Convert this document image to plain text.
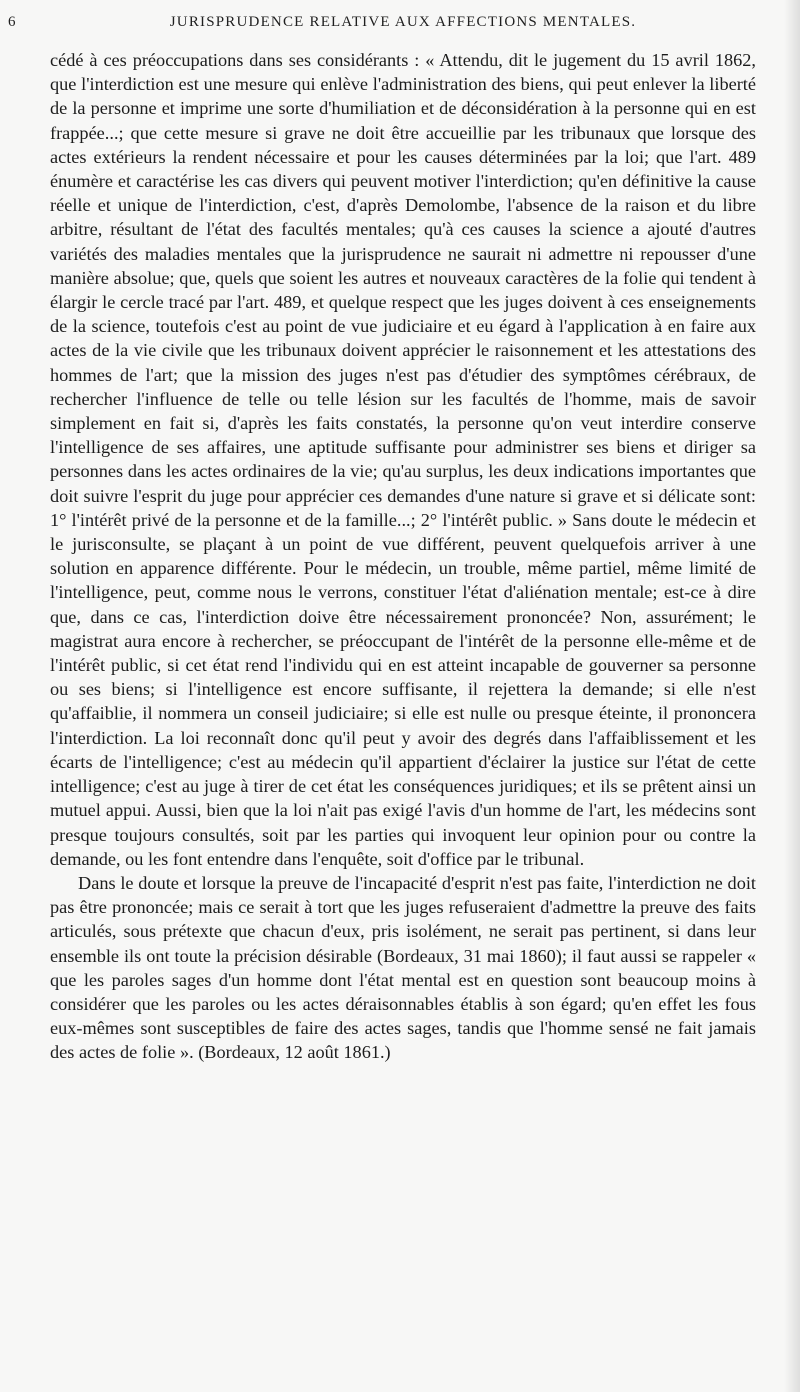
6	JURISPRUDENCE RELATIVE AUX AFFECTIONS MENTALES.

cédé à ces préoccupations dans ses considérants : « Attendu, dit le jugement du 15 avril 1862, que l'interdiction est une mesure qui enlève l'administration des biens, qui peut enlever la liberté de la personne et imprime une sorte d'humiliation et de déconsidération à la personne qui en est frappée...; que cette mesure si grave ne doit être accueillie par les tribunaux que lorsque des actes extérieurs la rendent nécessaire et pour les causes déterminées par la loi; que l'art. 489 énumère et caractérise les cas divers qui peuvent motiver l'interdiction; qu'en définitive la cause réelle et unique de l'interdiction, c'est, d'après Demolombe, l'absence de la raison et du libre arbitre, résultant de l'état des facultés mentales; qu'à ces causes la science a ajouté d'autres variétés des maladies mentales que la jurisprudence ne saurait ni admettre ni repousser d'une manière absolue; que, quels que soient les autres et nouveaux caractères de la folie qui tendent à élargir le cercle tracé par l'art. 489, et quelque respect que les juges doivent à ces enseignements de la science, toutefois c'est au point de vue judiciaire et eu égard à l'application à en faire aux actes de la vie civile que les tribunaux doivent apprécier le raisonnement et les attestations des hommes de l'art; que la mission des juges n'est pas d'étudier des symptômes cérébraux, de rechercher l'influence de telle ou telle lésion sur les facultés de l'homme, mais de savoir simplement en fait si, d'après les faits constatés, la personne qu'on veut interdire conserve l'intelligence de ses affaires, une aptitude suffisante pour administrer ses biens et diriger sa personnes dans les actes ordinaires de la vie; qu'au surplus, les deux indications importantes que doit suivre l'esprit du juge pour apprécier ces demandes d'une nature si grave et si délicate sont: 1° l'intérêt privé de la personne et de la famille...; 2° l'intérêt public. » Sans doute le médecin et le jurisconsulte, se plaçant à un point de vue différent, peuvent quelquefois arriver à une solution en apparence différente. Pour le médecin, un trouble, même partiel, même limité de l'intelligence, peut, comme nous le verrons, constituer l'état d'aliénation mentale; est-ce à dire que, dans ce cas, l'interdiction doive être nécessairement prononcée? Non, assurément; le magistrat aura encore à rechercher, se préoccupant de l'intérêt de la personne elle-même et de l'intérêt public, si cet état rend l'individu qui en est atteint incapable de gouverner sa personne ou ses biens; si l'intelligence est encore suffisante, il rejettera la demande; si elle n'est qu'affaiblie, il nommera un conseil judiciaire; si elle est nulle ou presque éteinte, il prononcera l'interdiction. La loi reconnaît donc qu'il peut y avoir des degrés dans l'affaiblissement et les écarts de l'intelligence; c'est au médecin qu'il appartient d'éclairer la justice sur l'état de cette intelligence; c'est au juge à tirer de cet état les conséquences juridiques; et ils se prêtent ainsi un mutuel appui. Aussi, bien que la loi n'ait pas exigé l'avis d'un homme de l'art, les médecins sont presque toujours consultés, soit par les parties qui invoquent leur opinion pour ou contre la demande, ou les font entendre dans l'enquête, soit d'office par le tribunal.

Dans le doute et lorsque la preuve de l'incapacité d'esprit n'est pas faite, l'interdiction ne doit pas être prononcée; mais ce serait à tort que les juges refuseraient d'admettre la preuve des faits articulés, sous prétexte que chacun d'eux, pris isolément, ne serait pas pertinent, si dans leur ensemble ils ont toute la précision désirable (Bordeaux, 31 mai 1860); il faut aussi se rappeler « que les paroles sages d'un homme dont l'état mental est en question sont beaucoup moins à considérer que les paroles ou les actes déraisonnables établis à son égard; qu'en effet les fous eux-mêmes sont susceptibles de faire des actes sages, tandis que l'homme sensé ne fait jamais des actes de folie ». (Bordeaux, 12 août 1861.)
